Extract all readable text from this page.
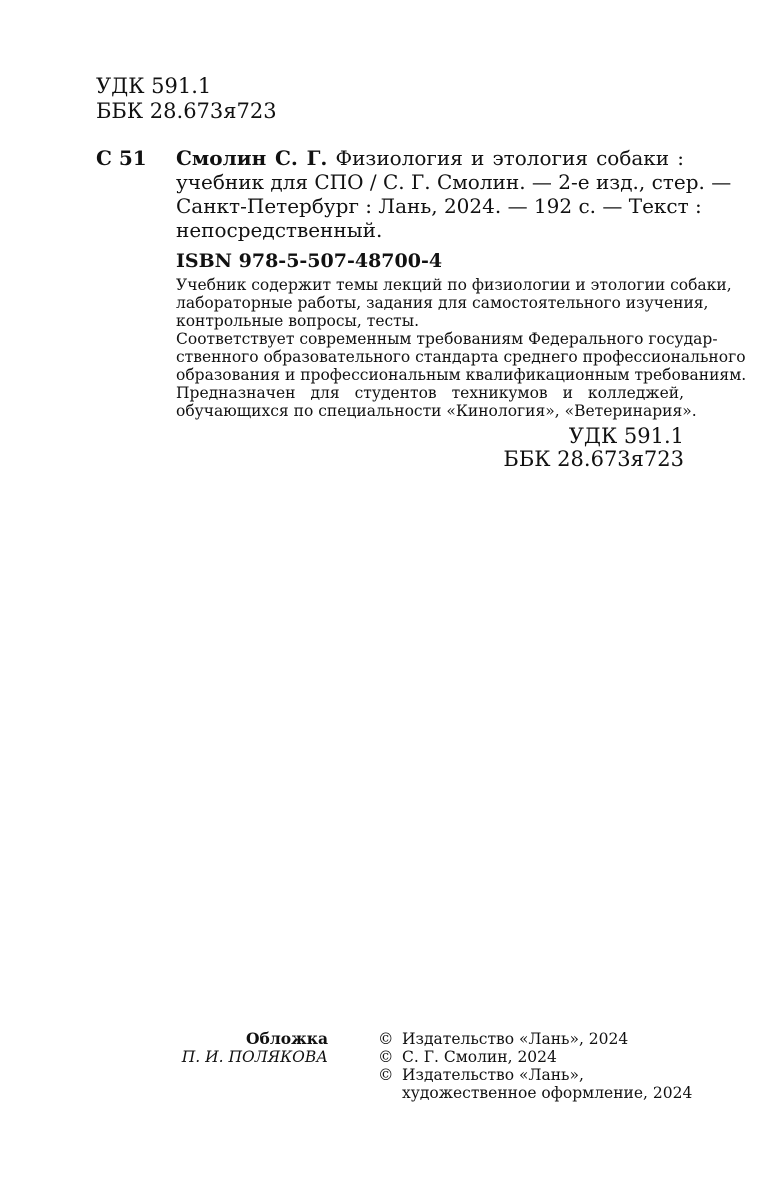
УДК 591.1
ББК 28.673я723
С 51 Смолин С. Г. Физиология и этология собаки :
учебник для СПО / С. Г. Смолин. — 2-е изд., стер. —
Санкт-Петербург : Лань, 2024. — 192 с. — Текст :
непосредственный.
ISBN 978-5-507-48700-4
Учебник содержит темы лекций по физиологии и этологии собаки,
лабораторные работы, задания для самостоятельного изучения,
контрольные вопросы, тесты.
Соответствует современным требованиям Федерального государ-
ственного образовательного стандарта среднего профессионального
образования и профессиональным квалификационным требованиям.
Предназначен для студентов техникумов и колледжей,
обучающихся по специальности «Кинология», «Ветеринария».
УДК 591.1
ББК 28.673я723
Обложка
П. И. ПОЛЯКОВА
© Издательство «Лань», 2024
© С. Г. Смолин, 2024
© Издательство «Лань»,
художественное оформление, 2024
